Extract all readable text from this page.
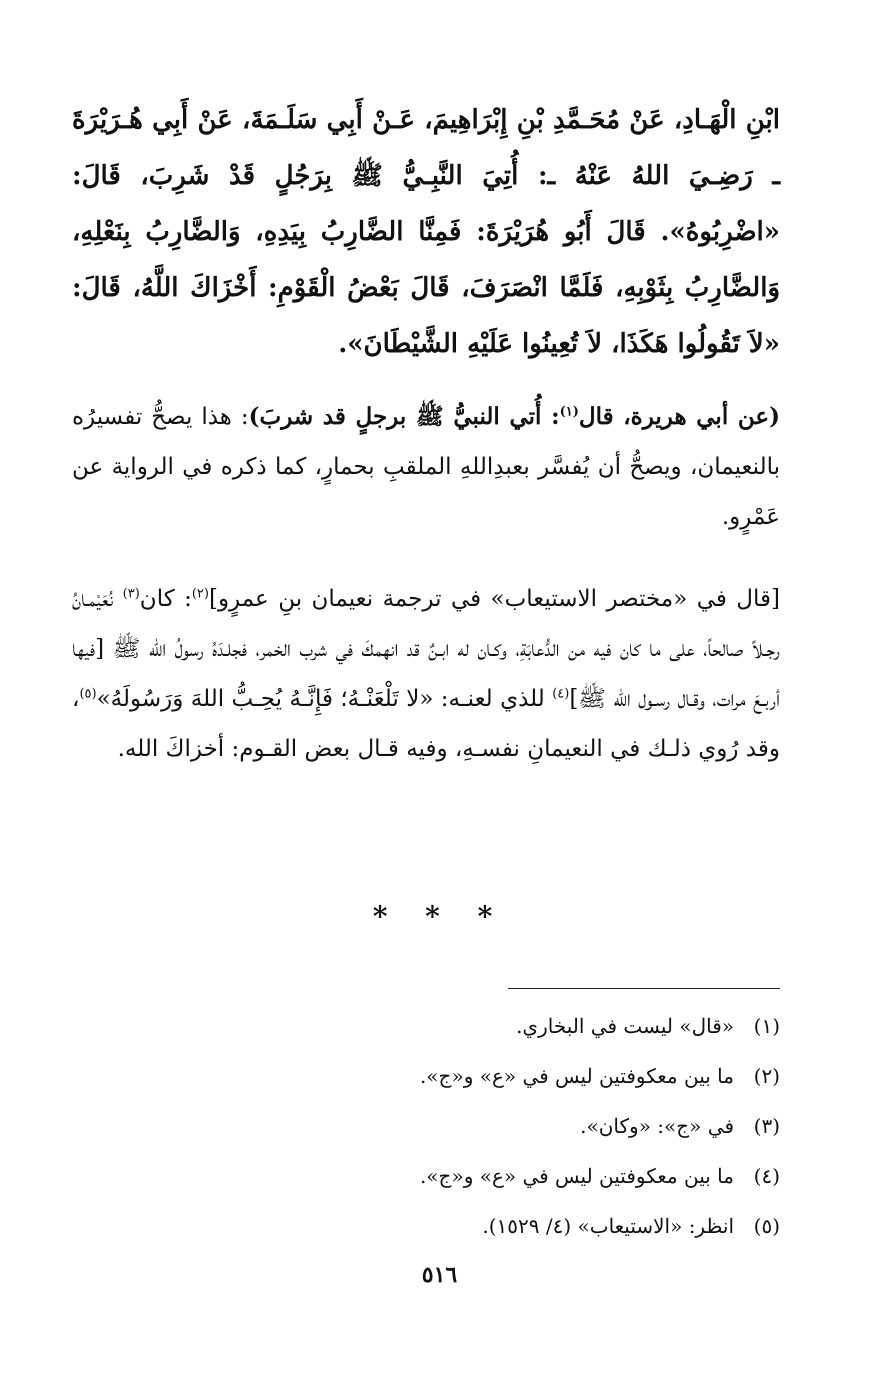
ابْنِ الْهَـادِ، عَنْ مُحَـمَّدِ بْنِ إِبْرَاهِيمَ، عَـنْ أَبِي سَلَـمَةَ، عَنْ أَبِي هُـرَيْرَةَ ـ رَضِـيَ اللهُ عَنْهُ ـ: أُتِيَ النَّبِـيُّ ﷺ بِرَجُلٍ قَدْ شَرِبَ، قَالَ: «اضْرِبُوهُ». قَالَ أَبُو هُرَيْرَةَ: فَمِنَّا الضَّارِبُ بِيَدِهِ، وَالضَّارِبُ بِنَعْلِهِ، وَالضَّارِبُ بِثَوْبِهِ، فَلَمَّا انْصَرَفَ، قَالَ بَعْضُ الْقَوْمِ: أَخْزَاكَ اللَّهُ، قَالَ: «لاَ تَقُولُوا هَكَذَا، لاَ تُعِينُوا عَلَيْهِ الشَّيْطَانَ».

(عن أبي هريرة، قال$^{(١)}$: أُتي النبيُّ ﷺ برجلٍ قد شربَ): هذا يصحُّ تفسيرُه بالنعيمان، ويصحُّ أن يُفسَّر بعبدِاللهِ الملقبِ بحمارٍ، كما ذكره في الرواية عن عَمْرٍو.

[قال في «مختصر الاستيعاب» في ترجمة نعيمان بنِ عمرٍو]$^{(٢)}$: كان$^{(٣)}$ نُعَيْمـانُ رجـلاً صالحاً، على ما كان فيه من الدُّعابَةِ، وكـان له ابـنٌ قد انهمكَ في شرب الخمر، فجلـدَهُ رسولُ الله ﷺ [فيها أربـعَ مرات، وقـال رسـول الله ﷺ]$^{(٤)}$ للذي لعنـه: «لا تَلْعَنْـهُ؛ فَإِنَّـهُ يُحِـبُّ اللهَ وَرَسُولَهُ»$^{(٥)}$، وقد رُوي ذلـك في النعيمانِ نفسـهِ، وفيه قـال بعض القـوم: أخزاكَ الله.

* * *
(١)
«قال» ليست في البخاري.
(٢)
ما بين معكوفتين ليس في «ع» و«ج».
(٣)
في «ج»: «وكان».
(٤)
ما بين معكوفتين ليس في «ع» و«ج».
(٥)
انظر: «الاستيعاب» (٤/ ١٥٢٩).
٥١٦
